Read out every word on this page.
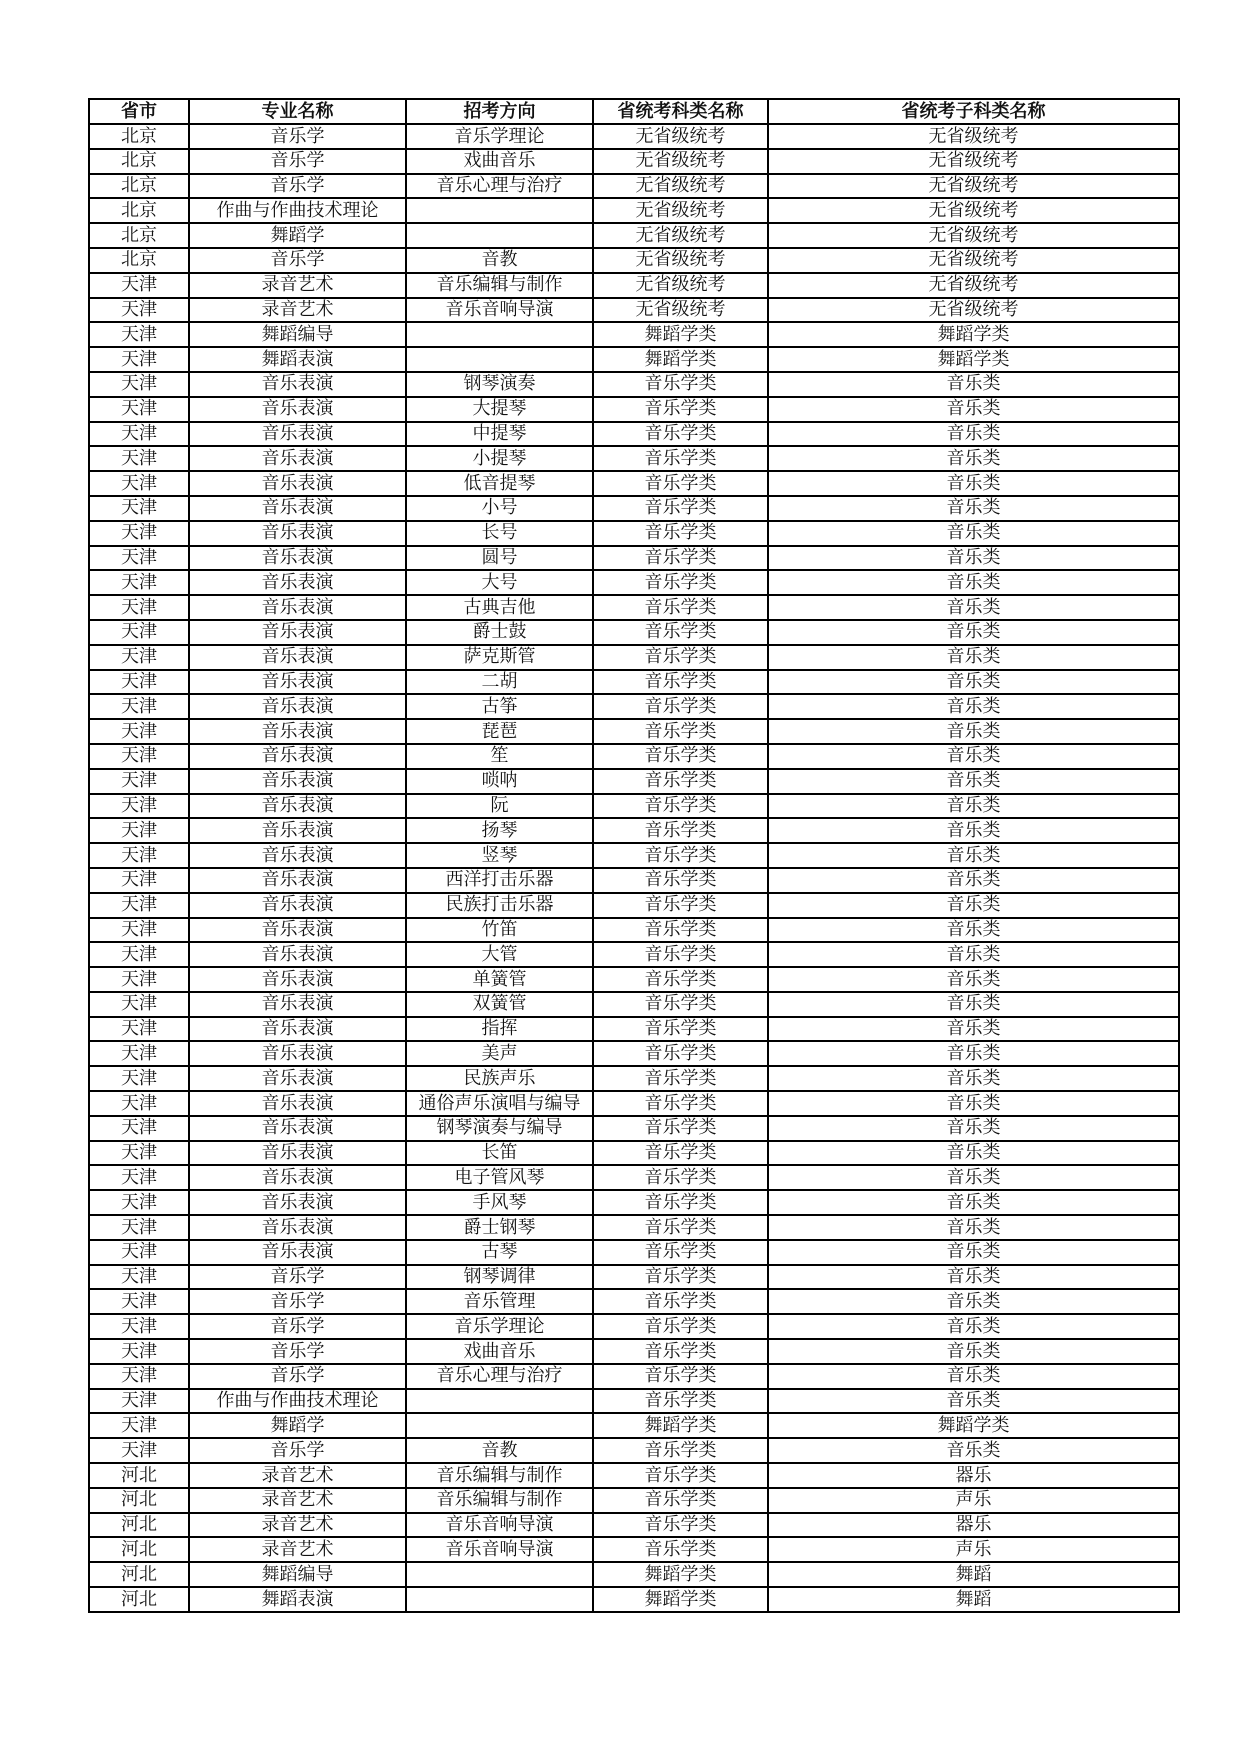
省市	专业名称	招考方向	省统考科类名称	省统考子科类名称
北京	音乐学	音乐学理论	无省级统考	无省级统考
北京	音乐学	戏曲音乐	无省级统考	无省级统考
北京	音乐学	音乐心理与治疗	无省级统考	无省级统考
北京	作曲与作曲技术理论		无省级统考	无省级统考
北京	舞蹈学		无省级统考	无省级统考
北京	音乐学	音教	无省级统考	无省级统考
天津	录音艺术	音乐编辑与制作	无省级统考	无省级统考
天津	录音艺术	音乐音响导演	无省级统考	无省级统考
天津	舞蹈编导		舞蹈学类	舞蹈学类
天津	舞蹈表演		舞蹈学类	舞蹈学类
天津	音乐表演	钢琴演奏	音乐学类	音乐类
天津	音乐表演	大提琴	音乐学类	音乐类
天津	音乐表演	中提琴	音乐学类	音乐类
天津	音乐表演	小提琴	音乐学类	音乐类
天津	音乐表演	低音提琴	音乐学类	音乐类
天津	音乐表演	小号	音乐学类	音乐类
天津	音乐表演	长号	音乐学类	音乐类
天津	音乐表演	圆号	音乐学类	音乐类
天津	音乐表演	大号	音乐学类	音乐类
天津	音乐表演	古典吉他	音乐学类	音乐类
天津	音乐表演	爵士鼓	音乐学类	音乐类
天津	音乐表演	萨克斯管	音乐学类	音乐类
天津	音乐表演	二胡	音乐学类	音乐类
天津	音乐表演	古筝	音乐学类	音乐类
天津	音乐表演	琵琶	音乐学类	音乐类
天津	音乐表演	笙	音乐学类	音乐类
天津	音乐表演	唢呐	音乐学类	音乐类
天津	音乐表演	阮	音乐学类	音乐类
天津	音乐表演	扬琴	音乐学类	音乐类
天津	音乐表演	竖琴	音乐学类	音乐类
天津	音乐表演	西洋打击乐器	音乐学类	音乐类
天津	音乐表演	民族打击乐器	音乐学类	音乐类
天津	音乐表演	竹笛	音乐学类	音乐类
天津	音乐表演	大管	音乐学类	音乐类
天津	音乐表演	单簧管	音乐学类	音乐类
天津	音乐表演	双簧管	音乐学类	音乐类
天津	音乐表演	指挥	音乐学类	音乐类
天津	音乐表演	美声	音乐学类	音乐类
天津	音乐表演	民族声乐	音乐学类	音乐类
天津	音乐表演	通俗声乐演唱与编导	音乐学类	音乐类
天津	音乐表演	钢琴演奏与编导	音乐学类	音乐类
天津	音乐表演	长笛	音乐学类	音乐类
天津	音乐表演	电子管风琴	音乐学类	音乐类
天津	音乐表演	手风琴	音乐学类	音乐类
天津	音乐表演	爵士钢琴	音乐学类	音乐类
天津	音乐表演	古琴	音乐学类	音乐类
天津	音乐学	钢琴调律	音乐学类	音乐类
天津	音乐学	音乐管理	音乐学类	音乐类
天津	音乐学	音乐学理论	音乐学类	音乐类
天津	音乐学	戏曲音乐	音乐学类	音乐类
天津	音乐学	音乐心理与治疗	音乐学类	音乐类
天津	作曲与作曲技术理论		音乐学类	音乐类
天津	舞蹈学		舞蹈学类	舞蹈学类
天津	音乐学	音教	音乐学类	音乐类
河北	录音艺术	音乐编辑与制作	音乐学类	器乐
河北	录音艺术	音乐编辑与制作	音乐学类	声乐
河北	录音艺术	音乐音响导演	音乐学类	器乐
河北	录音艺术	音乐音响导演	音乐学类	声乐
河北	舞蹈编导		舞蹈学类	舞蹈
河北	舞蹈表演		舞蹈学类	舞蹈
